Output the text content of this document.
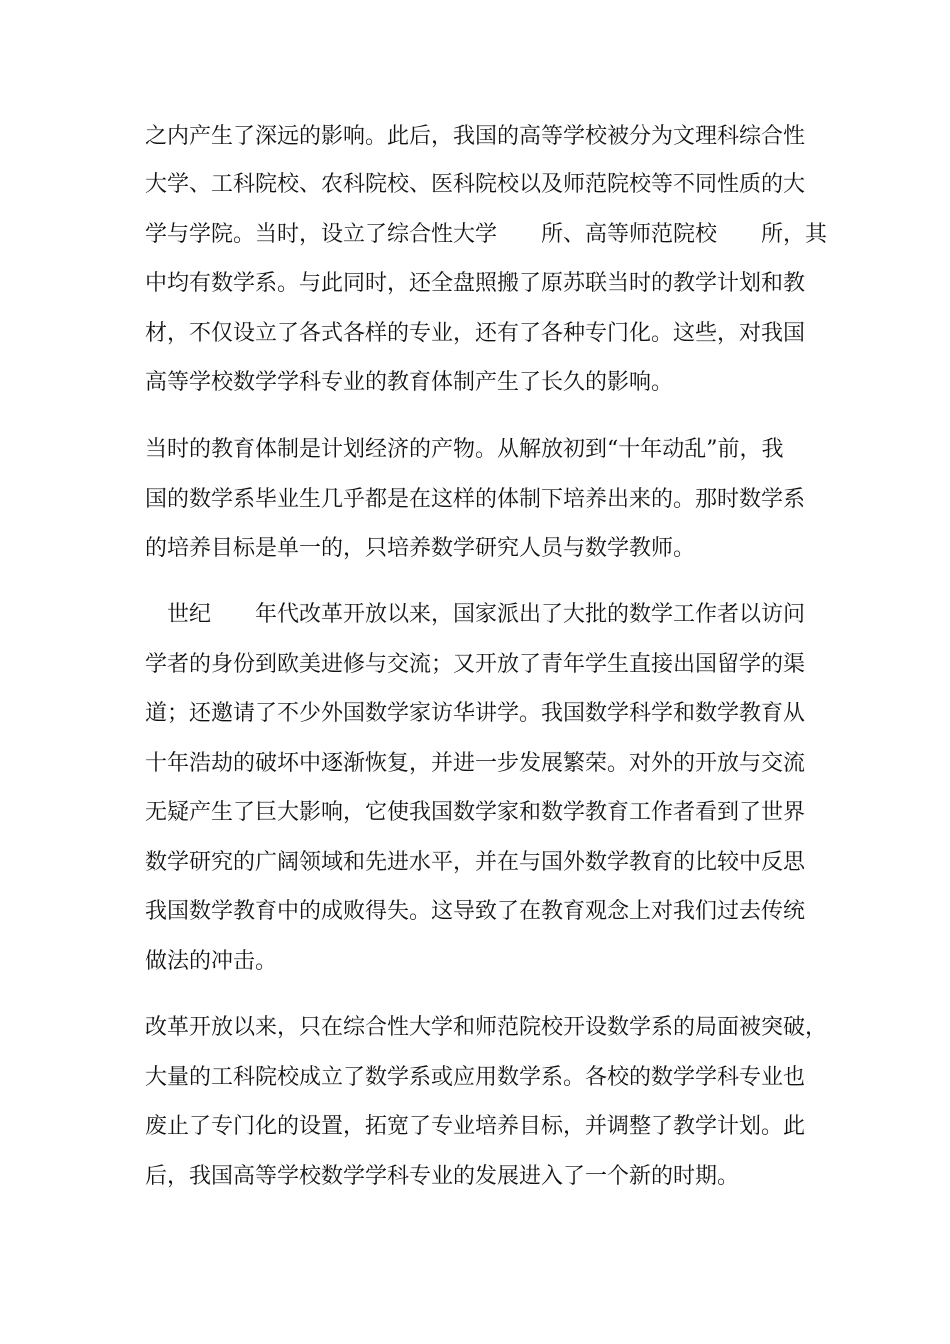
之内产生了深远的影响。此后，我国的高等学校被分为文理科综合性

大学、工科院校、农科院校、医科院校以及师范院校等不同性质的大

学与学院。当时，设立了综合性大学　　所、高等师范院校　　所，其

中均有数学系。与此同时，还全盘照搬了原苏联当时的教学计划和教

材，不仅设立了各式各样的专业，还有了各种专门化。这些，对我国

高等学校数学学科专业的教育体制产生了长久的影响。

当时的教育体制是计划经济的产物。从解放初到“十年动乱”前，我

国的数学系毕业生几乎都是在这样的体制下培养出来的。那时数学系

的培养目标是单一的，只培养数学研究人员与数学教师。

　世纪　　年代改革开放以来，国家派出了大批的数学工作者以访问

学者的身份到欧美进修与交流；又开放了青年学生直接出国留学的渠

道；还邀请了不少外国数学家访华讲学。我国数学科学和数学教育从

十年浩劫的破坏中逐渐恢复，并进一步发展繁荣。对外的开放与交流

无疑产生了巨大影响，它使我国数学家和数学教育工作者看到了世界

数学研究的广阔领域和先进水平，并在与国外数学教育的比较中反思

我国数学教育中的成败得失。这导致了在教育观念上对我们过去传统

做法的冲击。

改革开放以来，只在综合性大学和师范院校开设数学系的局面被突破，

大量的工科院校成立了数学系或应用数学系。各校的数学学科专业也

废止了专门化的设置，拓宽了专业培养目标，并调整了教学计划。此

后，我国高等学校数学学科专业的发展进入了一个新的时期。
